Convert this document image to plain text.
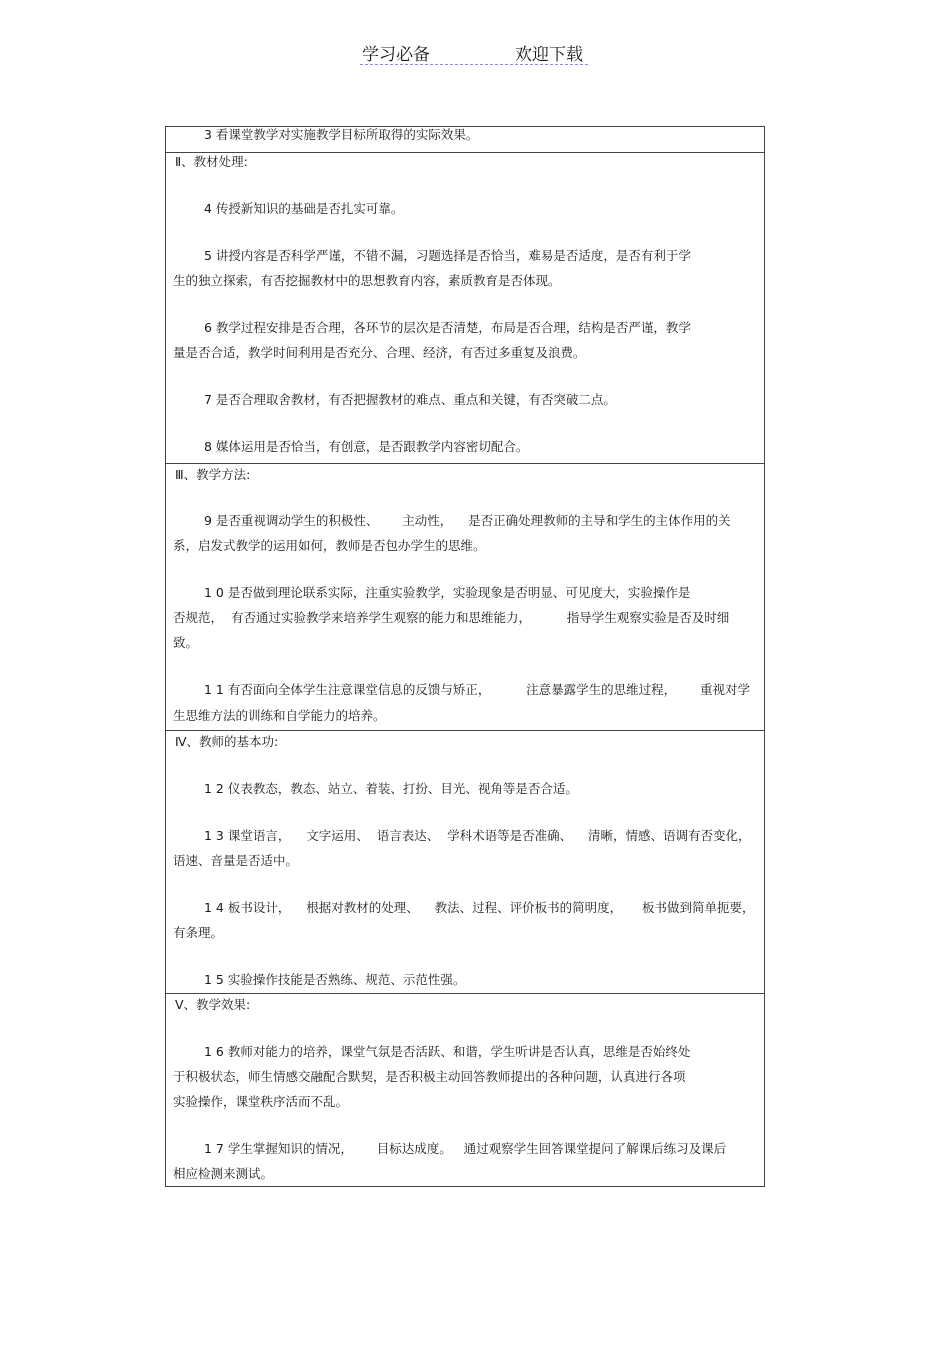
学习必备	欢迎下载
3 看课堂教学对实施教学目标所取得的实际效果。
Ⅱ、教材处理:
4 传授新知识的基础是否扎实可靠。
5 讲授内容是否科学严谨，不错不漏，习题选择是否恰当，难易是否适度，是否有利于学
生的独立探索，有否挖掘教材中的思想教育内容，素质教育是否体现。
6 教学过程安排是否合理，各环节的层次是否清楚，布局是否合理，结构是否严谨，教学
量是否合适，教学时间利用是否充分、合理、经济，有否过多重复及浪费。
7 是否合理取舍教材，有否把握教材的难点、重点和关键，有否突破二点。
8 媒体运用是否恰当，有创意，是否跟教学内容密切配合。
Ⅲ、教学方法:
9 是否重视调动学生的积极性、      主动性，    是否正确处理教师的主导和学生的主体作用的关
系，启发式教学的运用如何，教师是否包办学生的思维。
1 0 是否做到理论联系实际，注重实验教学，实验现象是否明显、可见度大，实验操作是
否规范，  有否通过实验教学来培养学生观察的能力和思维能力，         指导学生观察实验是否及时细
致。
1 1 有否面向全体学生注意课堂信息的反馈与矫正，         注意暴露学生的思维过程，      重视对学
生思维方法的训练和自学能力的培养。
Ⅳ、教师的基本功:
1 2 仪表教态，教态、站立、着装、打扮、目光、视角等是否合适。
1 3 课堂语言，    文字运用、  语言表达、  学科术语等是否准确、    清晰，情感、语调有否变化，
语速、音量是否适中。
1 4 板书设计，    根据对教材的处理、    教法、过程、评价板书的简明度，     板书做到简单扼要，
有条理。
1 5 实验操作技能是否熟练、规范、示范性强。
Ⅴ、教学效果:
1 6 教师对能力的培养，课堂气氛是否活跃、和谐，学生听讲是否认真，思维是否始终处
于积极状态，师生情感交融配合默契，是否积极主动回答教师提出的各种问题，认真进行各项
实验操作，课堂秩序活而不乱。
1 7 学生掌握知识的情况，      目标达成度。   通过观察学生回答课堂提问了解课后练习及课后
相应检测来测试。
